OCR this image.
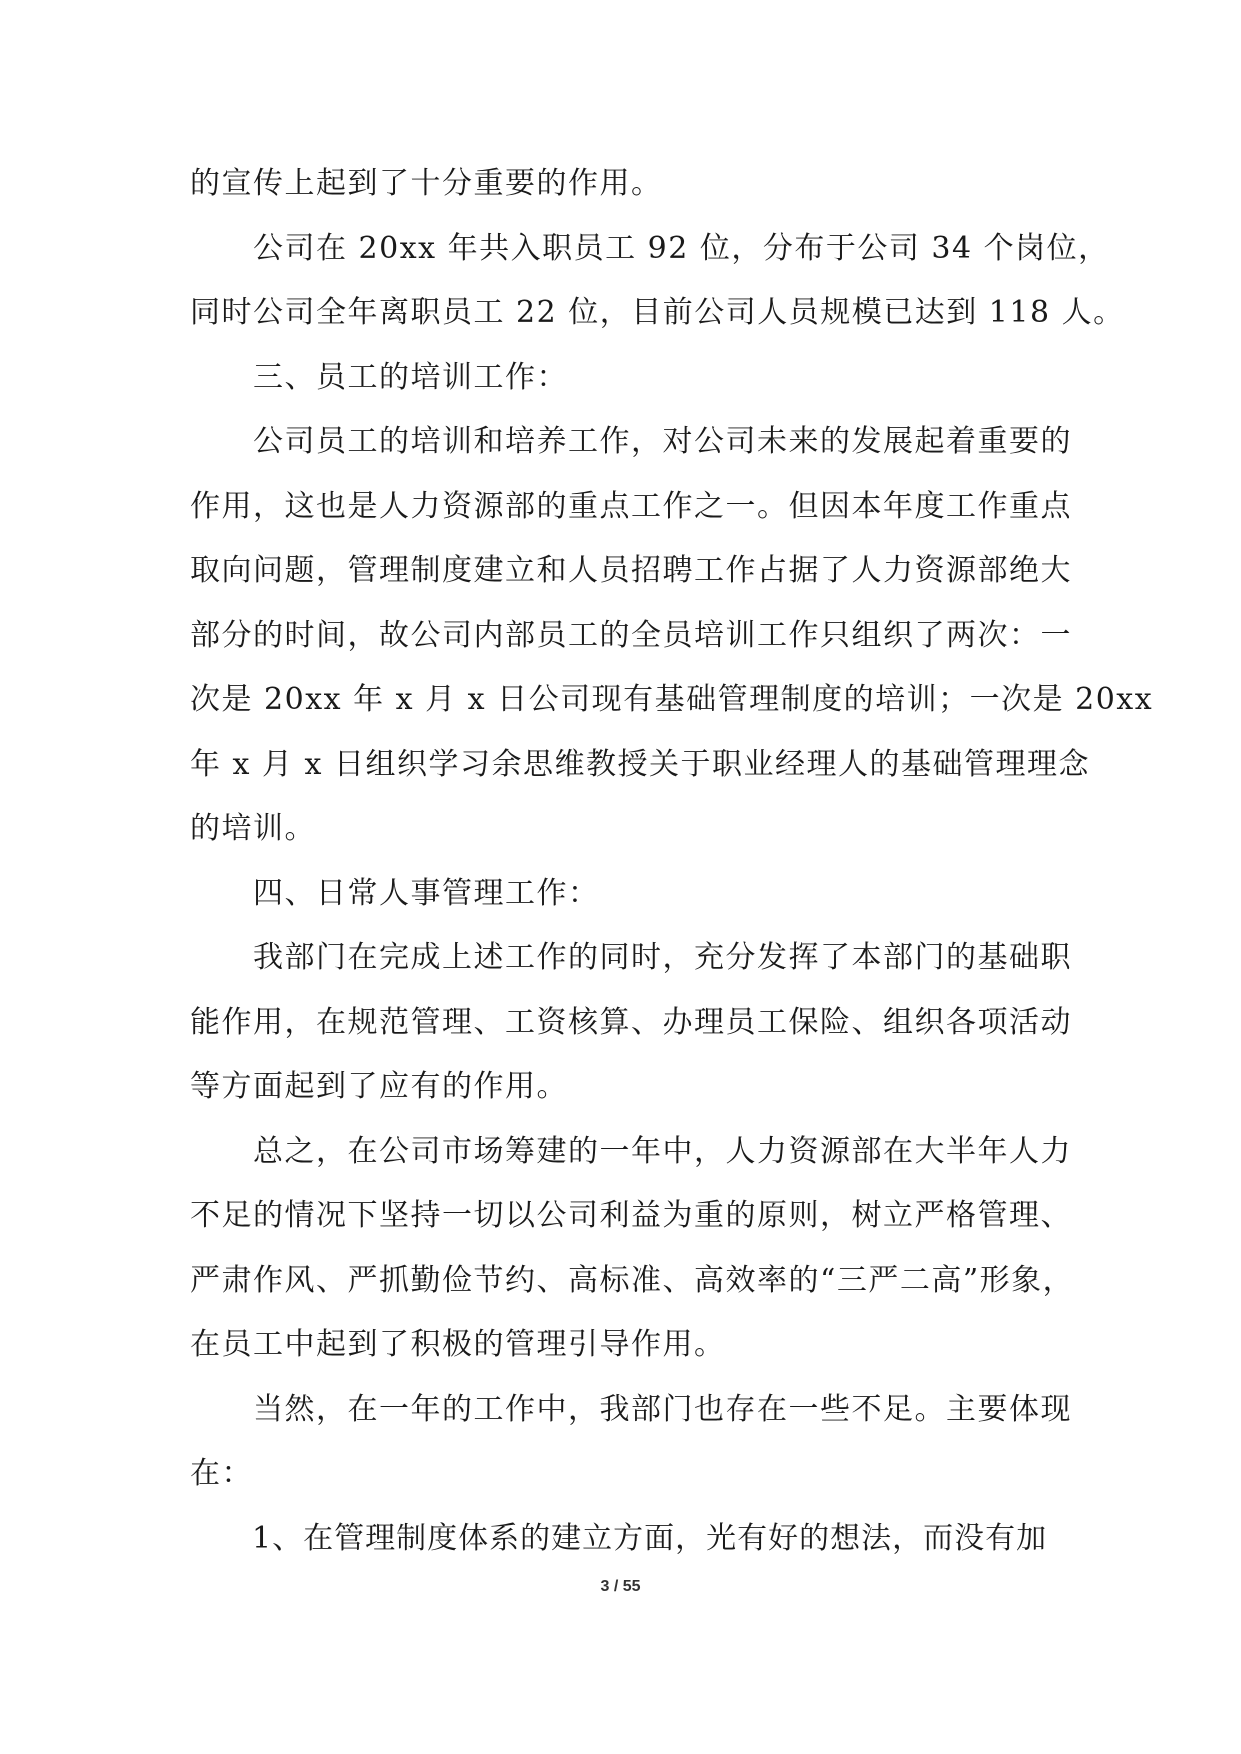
的宣传上起到了十分重要的作用。
　　公司在 20xx 年共入职员工 92 位，分布于公司 34 个岗位，
同时公司全年离职员工 22 位，目前公司人员规模已达到 118 人。
　　三、员工的培训工作：
　　公司员工的培训和培养工作，对公司未来的发展起着重要的
作用，这也是人力资源部的重点工作之一。但因本年度工作重点
取向问题，管理制度建立和人员招聘工作占据了人力资源部绝大
部分的时间，故公司内部员工的全员培训工作只组织了两次：一
次是 20xx 年 x 月 x 日公司现有基础管理制度的培训；一次是 20xx
年 x 月 x 日组织学习余思维教授关于职业经理人的基础管理理念
的培训。
　　四、日常人事管理工作：
　　我部门在完成上述工作的同时，充分发挥了本部门的基础职
能作用，在规范管理、工资核算、办理员工保险、组织各项活动
等方面起到了应有的作用。
　　总之，在公司市场筹建的一年中，人力资源部在大半年人力
不足的情况下坚持一切以公司利益为重的原则，树立严格管理、
严肃作风、严抓勤俭节约、高标准、高效率的“三严二高”形象，
在员工中起到了积极的管理引导作用。
　　当然，在一年的工作中，我部门也存在一些不足。主要体现
在：
　　1、在管理制度体系的建立方面，光有好的想法，而没有加
3 / 55
